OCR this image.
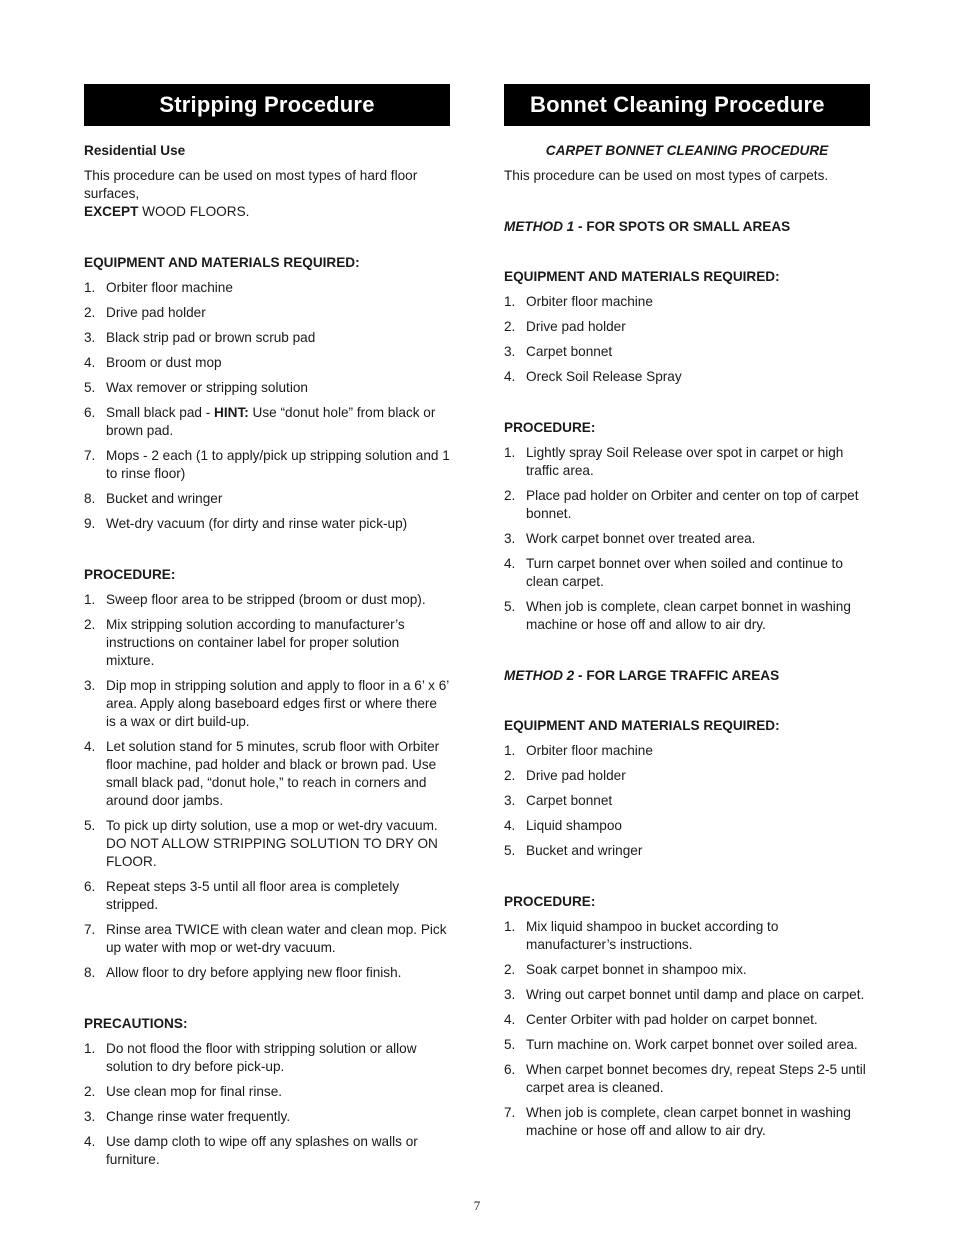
Stripping Procedure

Residential Use

This procedure can be used on most types of hard floor surfaces,
EXCEPT WOOD FLOORS.

EQUIPMENT AND MATERIALS REQUIRED:

1. Orbiter floor machine
2. Drive pad holder
3. Black strip pad or brown scrub pad
4. Broom or dust mop
5. Wax remover or stripping solution
6. Small black pad - HINT: Use “donut hole” from black or brown pad.
7. Mops - 2 each (1 to apply/pick up stripping solution and 1 to rinse floor)
8. Bucket and wringer
9. Wet-dry vacuum (for dirty and rinse water pick-up)

PROCEDURE:

1. Sweep floor area to be stripped (broom or dust mop).
2. Mix stripping solution according to manufacturer’s instructions on container label for proper solution mixture.
3. Dip mop in stripping solution and apply to floor in a 6’ x 6’ area. Apply along baseboard edges first or where there is a wax or dirt build-up.
4. Let solution stand for 5 minutes, scrub floor with Orbiter floor machine, pad holder and black or brown pad. Use small black pad, “donut hole,” to reach in corners and around door jambs.
5. To pick up dirty solution, use a mop or wet-dry vacuum. DO NOT ALLOW STRIPPING SOLUTION TO DRY ON FLOOR.
6. Repeat steps 3-5 until all floor area is completely stripped.
7. Rinse area TWICE with clean water and clean mop. Pick up water with mop or wet-dry vacuum.
8. Allow floor to dry before applying new floor finish.

PRECAUTIONS:

1. Do not flood the floor with stripping solution or allow solution to dry before pick-up.
2. Use clean mop for final rinse.
3. Change rinse water frequently.
4. Use damp cloth to wipe off any splashes on walls or furniture.
Bonnet Cleaning Procedure

CARPET BONNET CLEANING PROCEDURE

This procedure can be used on most types of carpets.

METHOD 1 - FOR SPOTS OR SMALL AREAS

EQUIPMENT AND MATERIALS REQUIRED:

1. Orbiter floor machine
2. Drive pad holder
3. Carpet bonnet
4. Oreck Soil Release Spray

PROCEDURE:

1. Lightly spray Soil Release over spot in carpet or high traffic area.
2. Place pad holder on Orbiter and center on top of carpet bonnet.
3. Work carpet bonnet over treated area.
4. Turn carpet bonnet over when soiled and continue to clean carpet.
5. When job is complete, clean carpet bonnet in washing machine or hose off and allow to air dry.

METHOD 2 - FOR LARGE TRAFFIC AREAS

EQUIPMENT AND MATERIALS REQUIRED:

1. Orbiter floor machine
2. Drive pad holder
3. Carpet bonnet
4. Liquid shampoo
5. Bucket and wringer

PROCEDURE:

1. Mix liquid shampoo in bucket according to manufacturer’s instructions.
2. Soak carpet bonnet in shampoo mix.
3. Wring out carpet bonnet until damp and place on carpet.
4. Center Orbiter with pad holder on carpet bonnet.
5. Turn machine on. Work carpet bonnet over soiled area.
6. When carpet bonnet becomes dry, repeat Steps 2-5 until carpet area is cleaned.
7. When job is complete, clean carpet bonnet in washing machine or hose off and allow to air dry.
7
